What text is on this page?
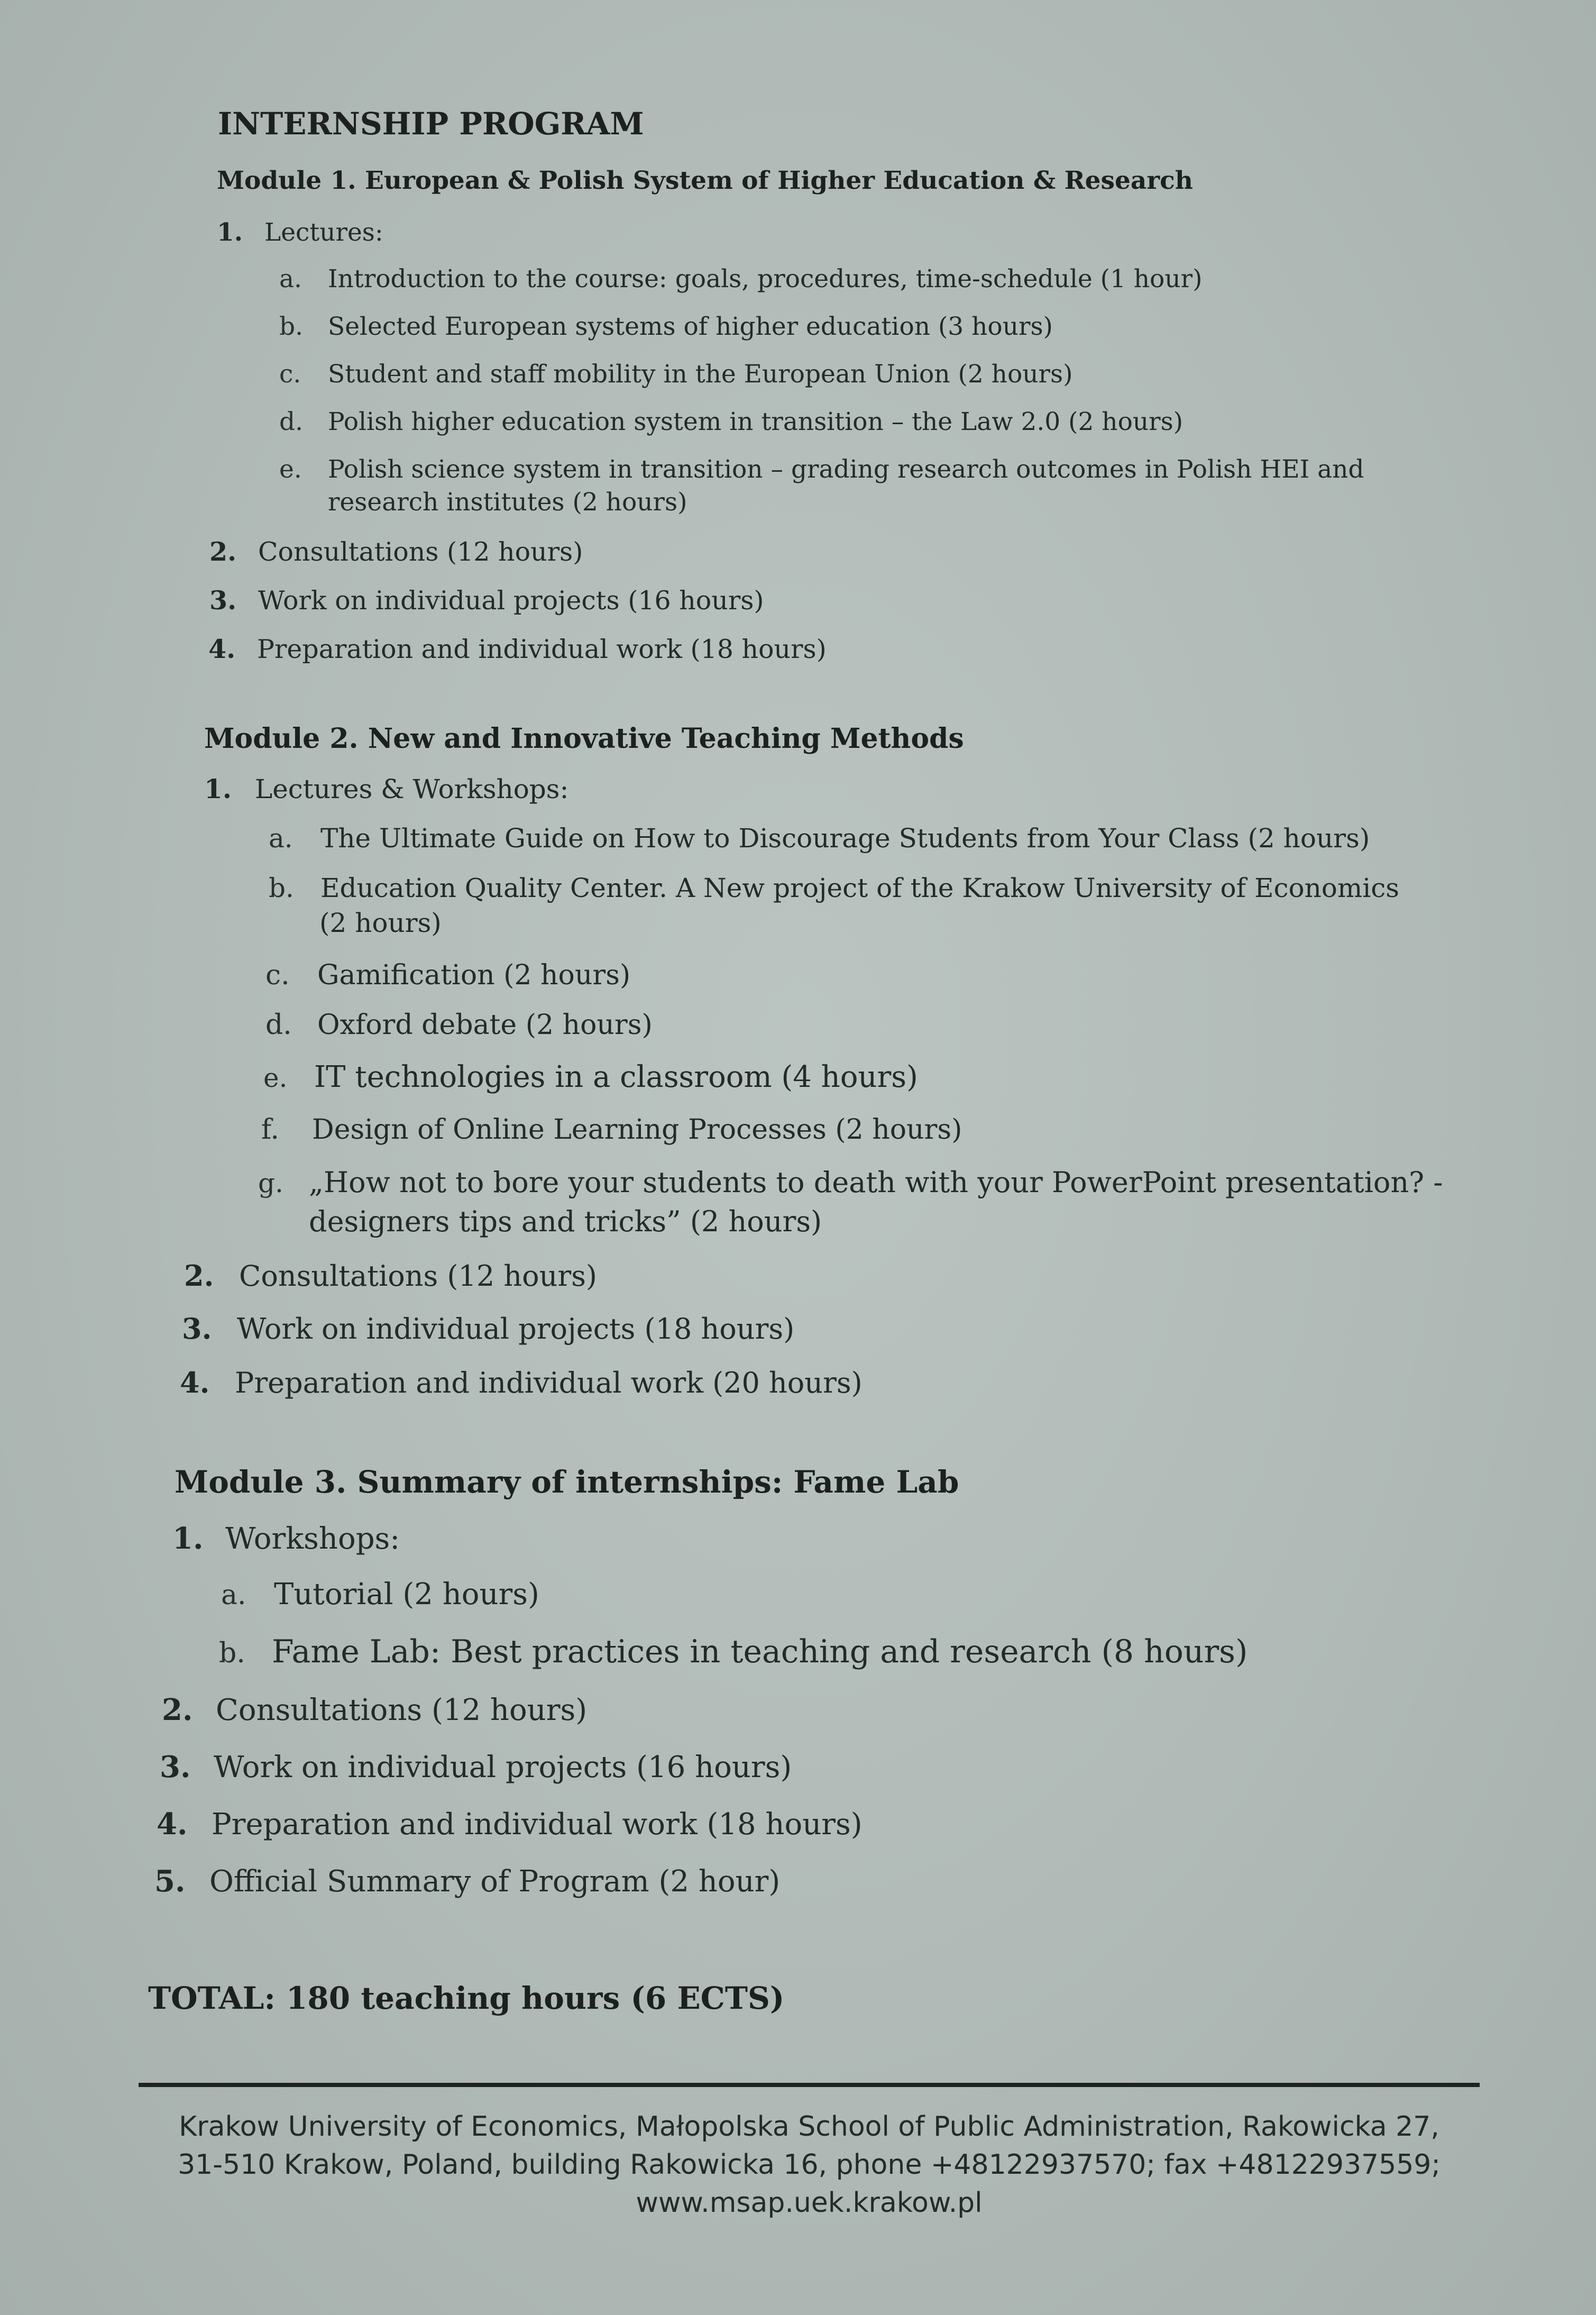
INTERNSHIP PROGRAM
Module 1. European & Polish System of Higher Education & Research
1. Lectures:
a.	Introduction to the course: goals, procedures, time-schedule (1 hour)
b. Selected European systems of higher education (3 hours)
c.	Student and staff mobility in the European Union (2 hours)
d. Polish higher education system in transition – the Law 2.0 (2 hours)
e.	Polish science system in transition – grading research outcomes in Polish HEI and
research institutes (2 hours)
2. Consultations (12 hours)
3. Work on individual projects (16 hours)
4. Preparation and individual work (18 hours)
Module 2. New and Innovative Teaching Methods
1. Lectures & Workshops:
a.	The Ultimate Guide on How to Discourage Students from Your Class (2 hours)
b.	Education Quality Center. A New project of the Krakow University of Economics
(2 hours)
c.	Gamification (2 hours)
d. Oxford debate (2 hours)
e. IT technologies in a classroom (4 hours)
f.	Design of Online Learning Processes (2 hours)
g. „How not to bore your students to death with your PowerPoint presentation? -
designers tips and tricks” (2 hours)
2. Consultations (12 hours)
3. Work on individual projects (18 hours)
4. Preparation and individual work (20 hours)
Module 3. Summary of internships: Fame Lab
1. Workshops:
a. Tutorial (2 hours)
b. Fame Lab: Best practices in teaching and research (8 hours)
2. Consultations (12 hours)
3. Work on individual projects (16 hours)
4. Preparation and individual work (18 hours)
5. Official Summary of Program (2 hour)
TOTAL: 180 teaching hours (6 ECTS)
Krakow University of Economics, Małopolska School of Public Administration, Rakowicka 27,
31-510 Krakow, Poland, building Rakowicka 16, phone +48122937570; fax +48122937559;
www.msap.uek.krakow.pl
